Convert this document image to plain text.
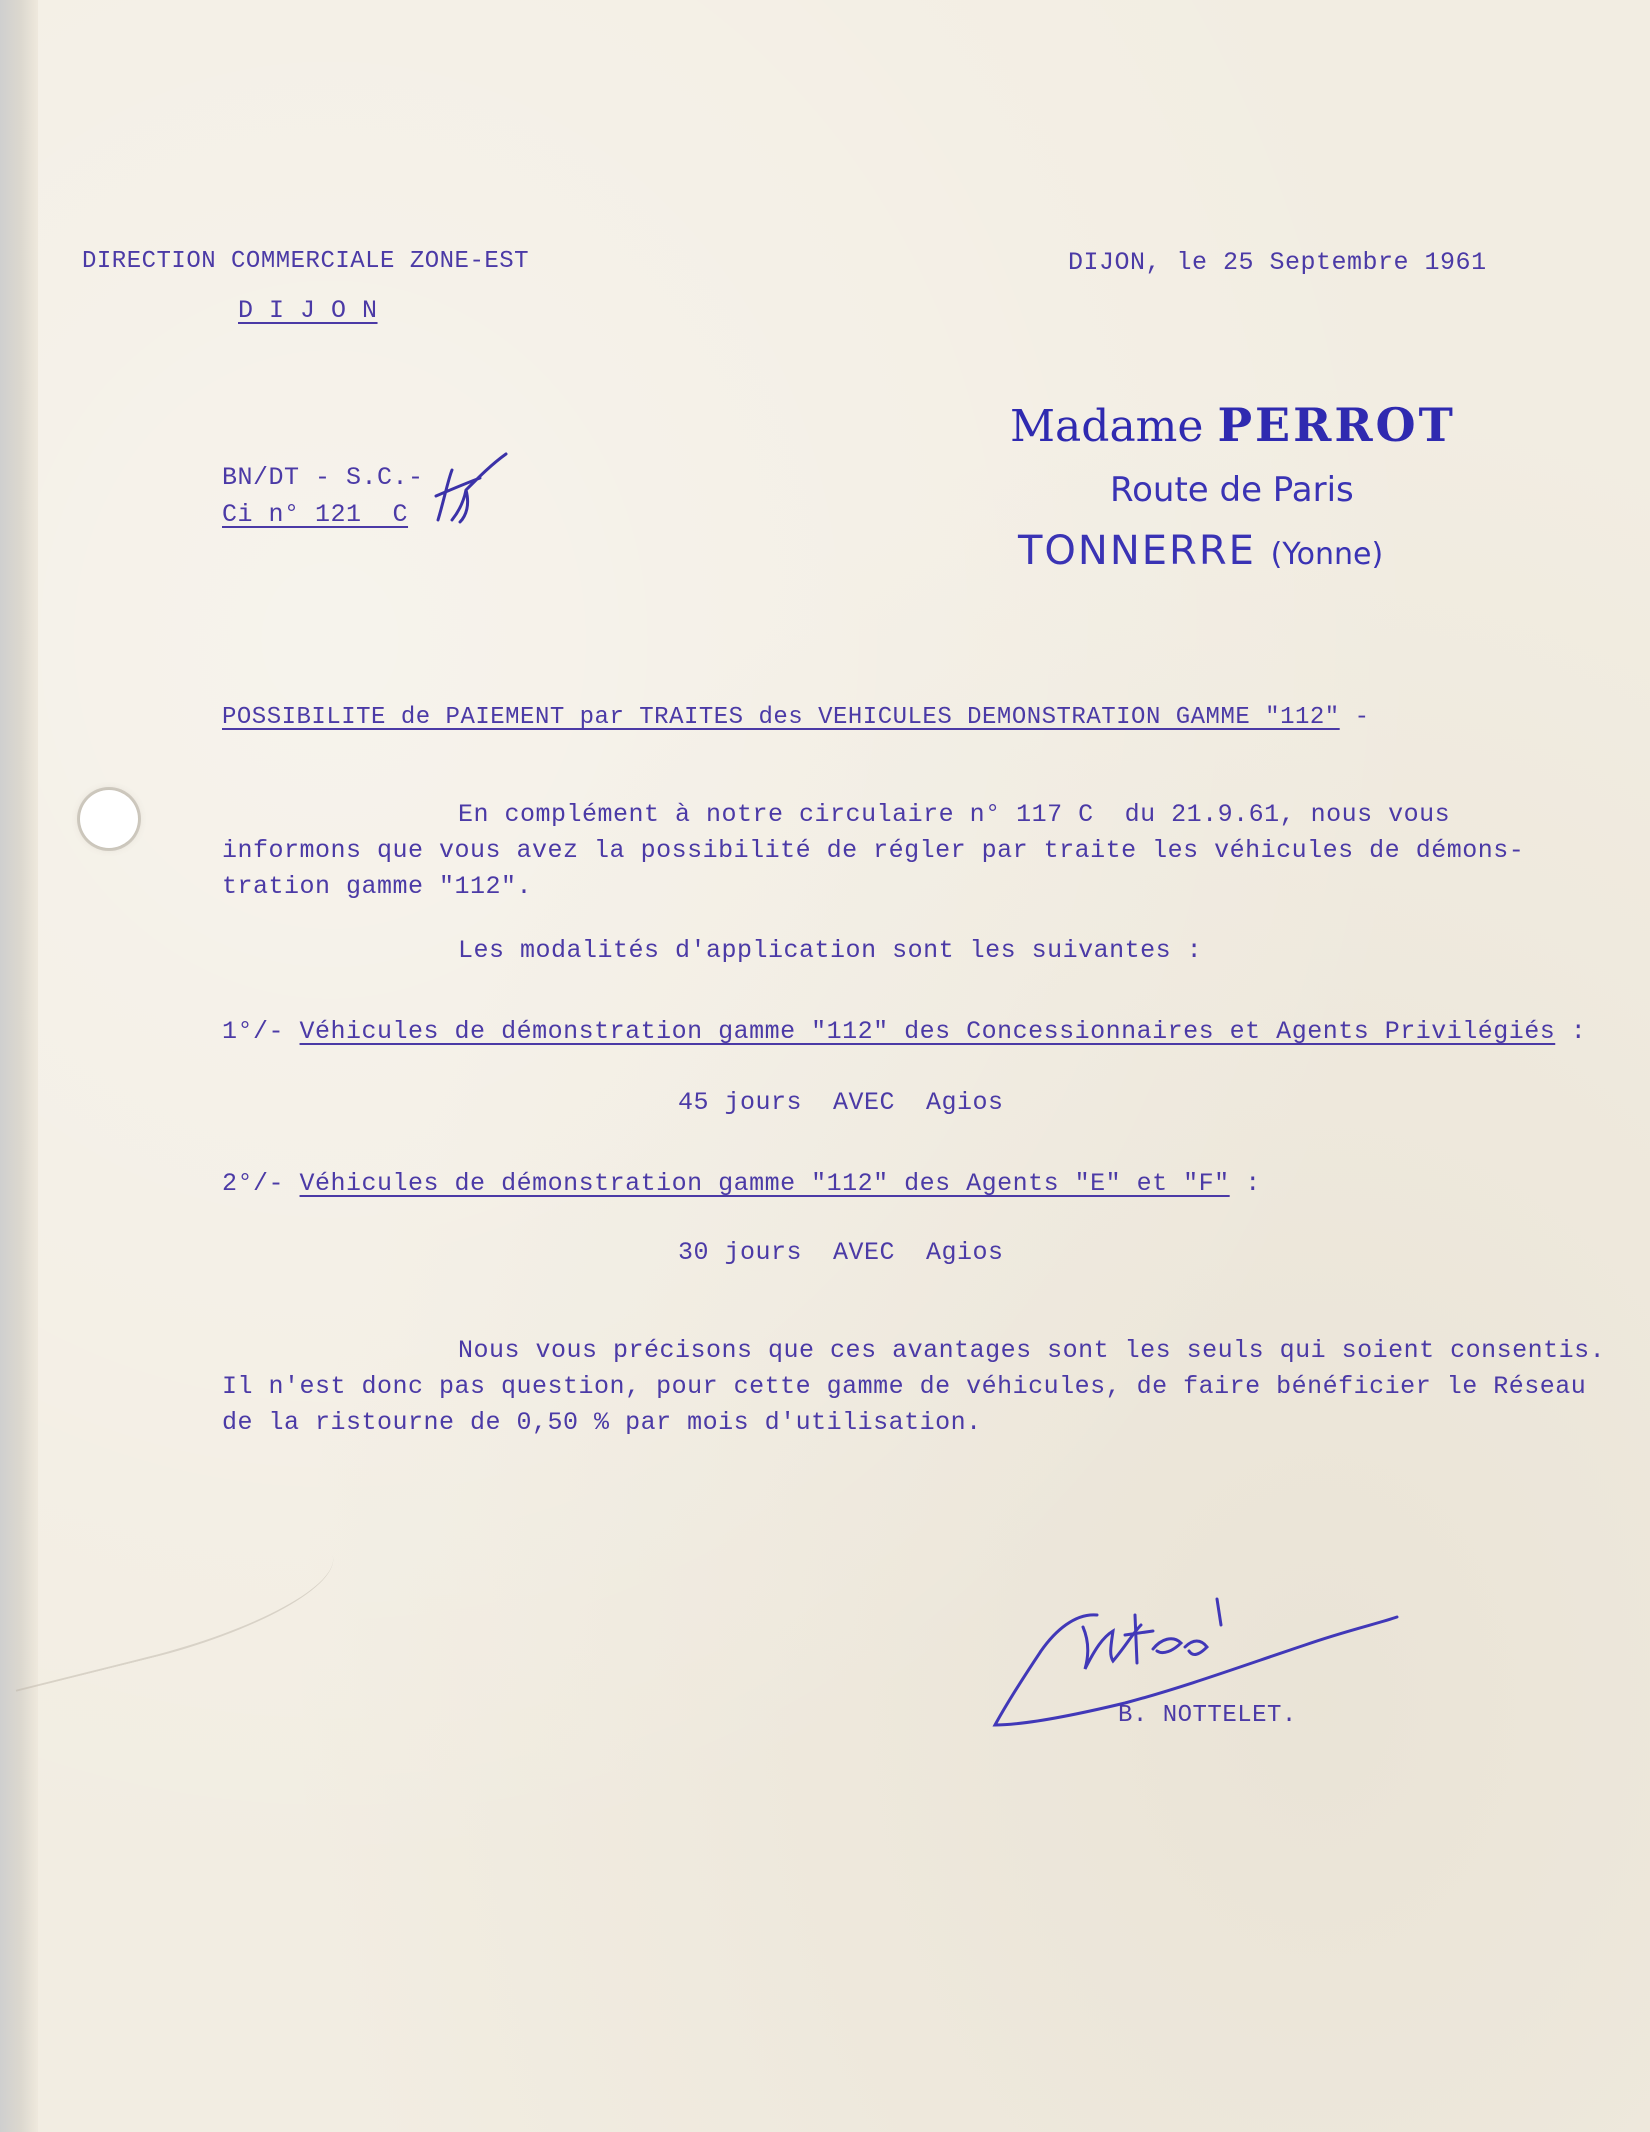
DIRECTION COMMERCIALE ZONE-EST

D I J O N

DIJON, le 25 Septembre 1961

BN/DT - S.C.-

Ci n° 121  C

Madame PERROT
Route de Paris
TONNERRE (Yonne)

POSSIBILITE de PAIEMENT par TRAITES des VEHICULES DEMONSTRATION GAMME "112" -

En complément à notre circulaire n° 117 C  du 21.9.61, nous vous

informons que vous avez la possibilité de régler par traite les véhicules de démons-

tration gamme "112".

Les modalités d'application sont les suivantes :

1°/- Véhicules de démonstration gamme "112" des Concessionnaires et Agents Privilégiés :

45 jours  AVEC  Agios

2°/- Véhicules de démonstration gamme "112" des Agents "E" et "F" :

30 jours  AVEC  Agios

Nous vous précisons que ces avantages sont les seuls qui soient consentis.

Il n'est donc pas question, pour cette gamme de véhicules, de faire bénéficier le Réseau

de la ristourne de 0,50 % par mois d'utilisation.

B. NOTTELET.
